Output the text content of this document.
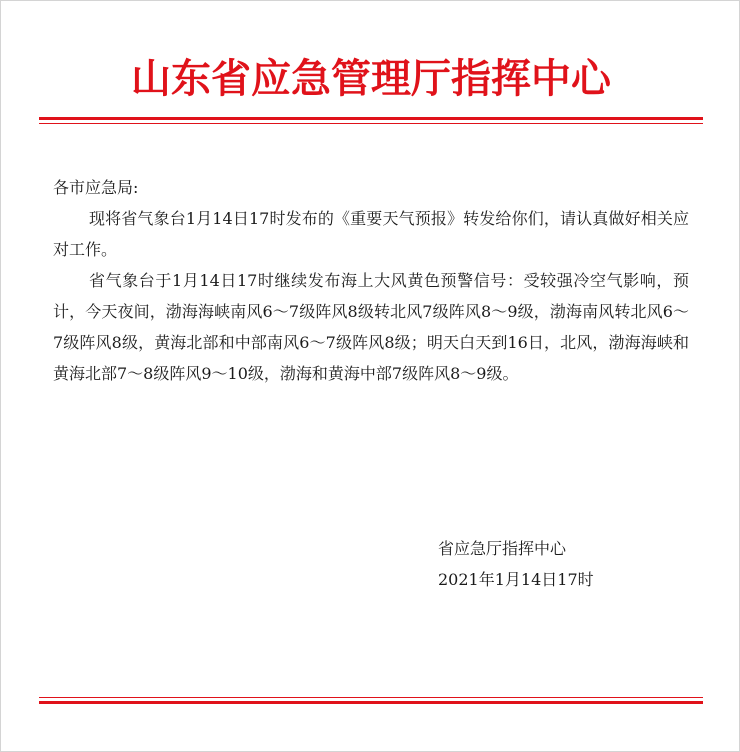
山东省应急管理厅指挥中心
各市应急局:
现将省气象台1月14日17时发布的《重要天气预报》转发给你们，请认真做好相关应对工作。
省气象台于1月14日17时继续发布海上大风黄色预警信号：受较强冷空气影响，预计，今天夜间，渤海海峡南风6～7级阵风8级转北风7级阵风8～9级，渤海南风转北风6～7级阵风8级，黄海北部和中部南风6～7级阵风8级；明天白天到16日，北风，渤海海峡和黄海北部7～8级阵风9～10级，渤海和黄海中部7级阵风8～9级。
省应急厅指挥中心
2021年1月14日17时
